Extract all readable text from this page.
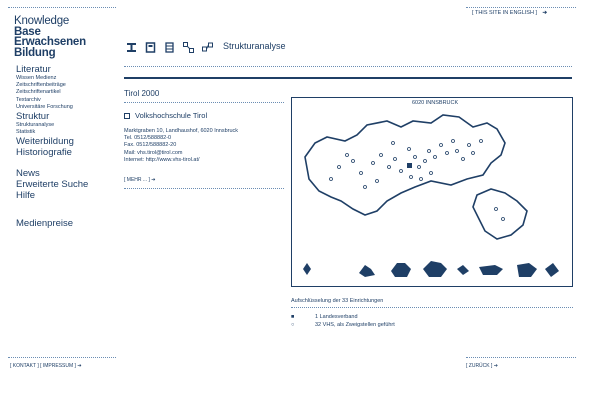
Knowledge
Base
Erwachsenen
Bildung
[ THIS SITE IN ENGLISH ] ➔
Literatur
Wissen Medienz
Zeitschriftenbeiträge
Zeitschriftenartikel
Textarchiv
Universitäre Forschung
Struktur
Strukturanalyse
Statistik
Weiterbildung
Historiografie
News
Erweiterte Suche
Hilfe
Medienpreise
Strukturanalyse
Tirol 2000
Volkshochschule Tirol
Marktgraben 10, Landhaushof, 6020 Innsbruck
Tel. 0512/588882-0
Fax. 0512/588882-20
Mail: vhs.tirol@tirol.com
Internet: http://www.vhs-tirol.at/
[ MEHR ... ] ➔
6020 INNSBRUCK
Aufschlüsselung der 33 Einrichtungen
■	1 Landesverband
○	32 VHS, als Zweigstellen geführt
[ KONTAKT ] [ IMPRESSUM ] ➔	[ ZURÜCK ] ➔
